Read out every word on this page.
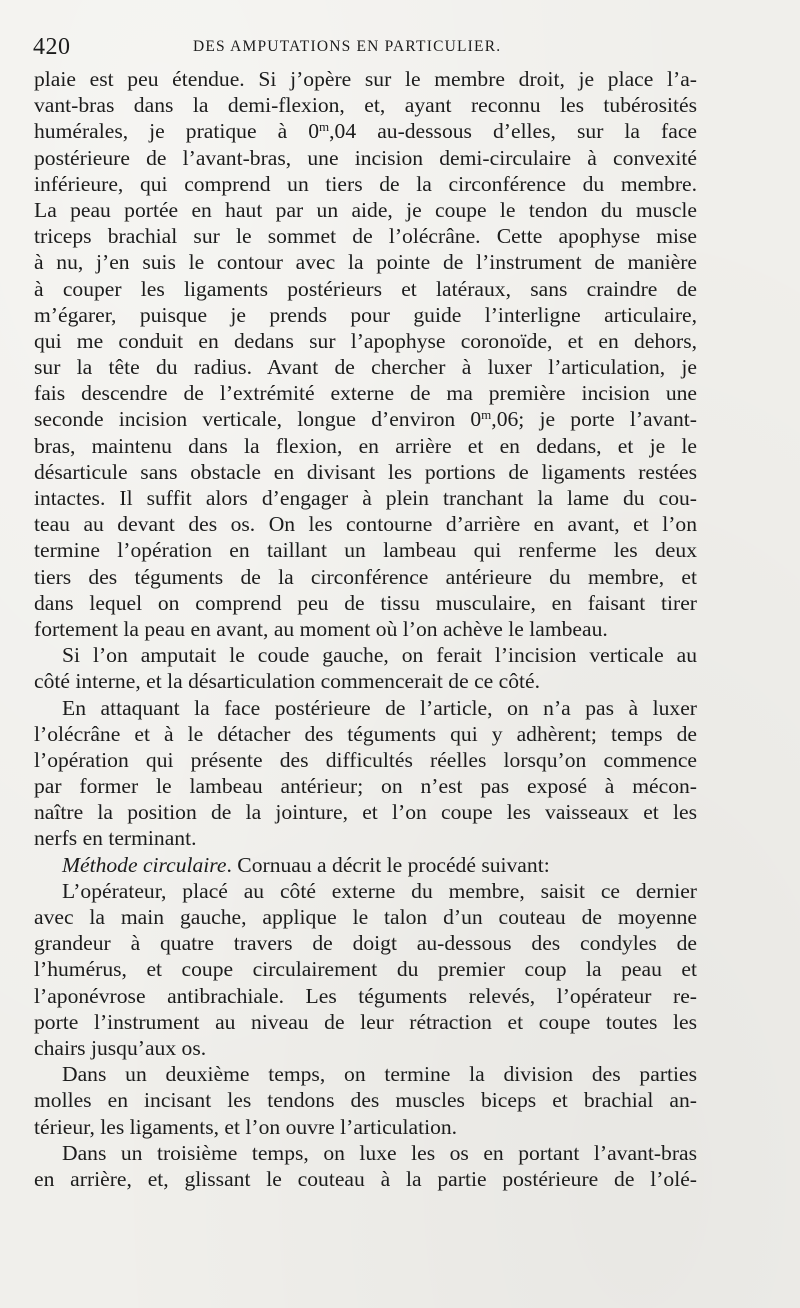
420	DES AMPUTATIONS EN PARTICULIER.
plaie est peu étendue. Si j’opère sur le membre droit, je place l’a-
vant-bras dans la demi-flexion, et, ayant reconnu les tubérosités
humérales, je pratique à 0$^m$,04 au-dessous d’elles, sur la face
postérieure de l’avant-bras, une incision demi-circulaire à convexité
inférieure, qui comprend un tiers de la circonférence du membre.
La peau portée en haut par un aide, je coupe le tendon du muscle
triceps brachial sur le sommet de l’olécrâne. Cette apophyse mise
à nu, j’en suis le contour avec la pointe de l’instrument de manière
à couper les ligaments postérieurs et latéraux, sans craindre de
m’égarer, puisque je prends pour guide l’interligne articulaire,
qui me conduit en dedans sur l’apophyse coronoïde, et en dehors,
sur la tête du radius. Avant de chercher à luxer l’articulation, je
fais descendre de l’extrémité externe de ma première incision une
seconde incision verticale, longue d’environ 0$^m$,06; je porte l’avant-
bras, maintenu dans la flexion, en arrière et en dedans, et je le
désarticule sans obstacle en divisant les portions de ligaments restées
intactes. Il suffit alors d’engager à plein tranchant la lame du cou-
teau au devant des os. On les contourne d’arrière en avant, et l’on
termine l’opération en taillant un lambeau qui renferme les deux
tiers des téguments de la circonférence antérieure du membre, et
dans lequel on comprend peu de tissu musculaire, en faisant tirer
fortement la peau en avant, au moment où l’on achève le lambeau.
Si l’on amputait le coude gauche, on ferait l’incision verticale au
côté interne, et la désarticulation commencerait de ce côté.
En attaquant la face postérieure de l’article, on n’a pas à luxer
l’olécrâne et à le détacher des téguments qui y adhèrent; temps de
l’opération qui présente des difficultés réelles lorsqu’on commence
par former le lambeau antérieur; on n’est pas exposé à mécon-
naître la position de la jointure, et l’on coupe les vaisseaux et les
nerfs en terminant.
Méthode circulaire. Cornuau a décrit le procédé suivant:
L’opérateur, placé au côté externe du membre, saisit ce dernier
avec la main gauche, applique le talon d’un couteau de moyenne
grandeur à quatre travers de doigt au-dessous des condyles de
l’humérus, et coupe circulairement du premier coup la peau et
l’aponévrose antibrachiale. Les téguments relevés, l’opérateur re-
porte l’instrument au niveau de leur rétraction et coupe toutes les
chairs jusqu’aux os.
Dans un deuxième temps, on termine la division des parties
molles en incisant les tendons des muscles biceps et brachial an-
térieur, les ligaments, et l’on ouvre l’articulation.
Dans un troisième temps, on luxe les os en portant l’avant-bras
en arrière, et, glissant le couteau à la partie postérieure de l’olé-
